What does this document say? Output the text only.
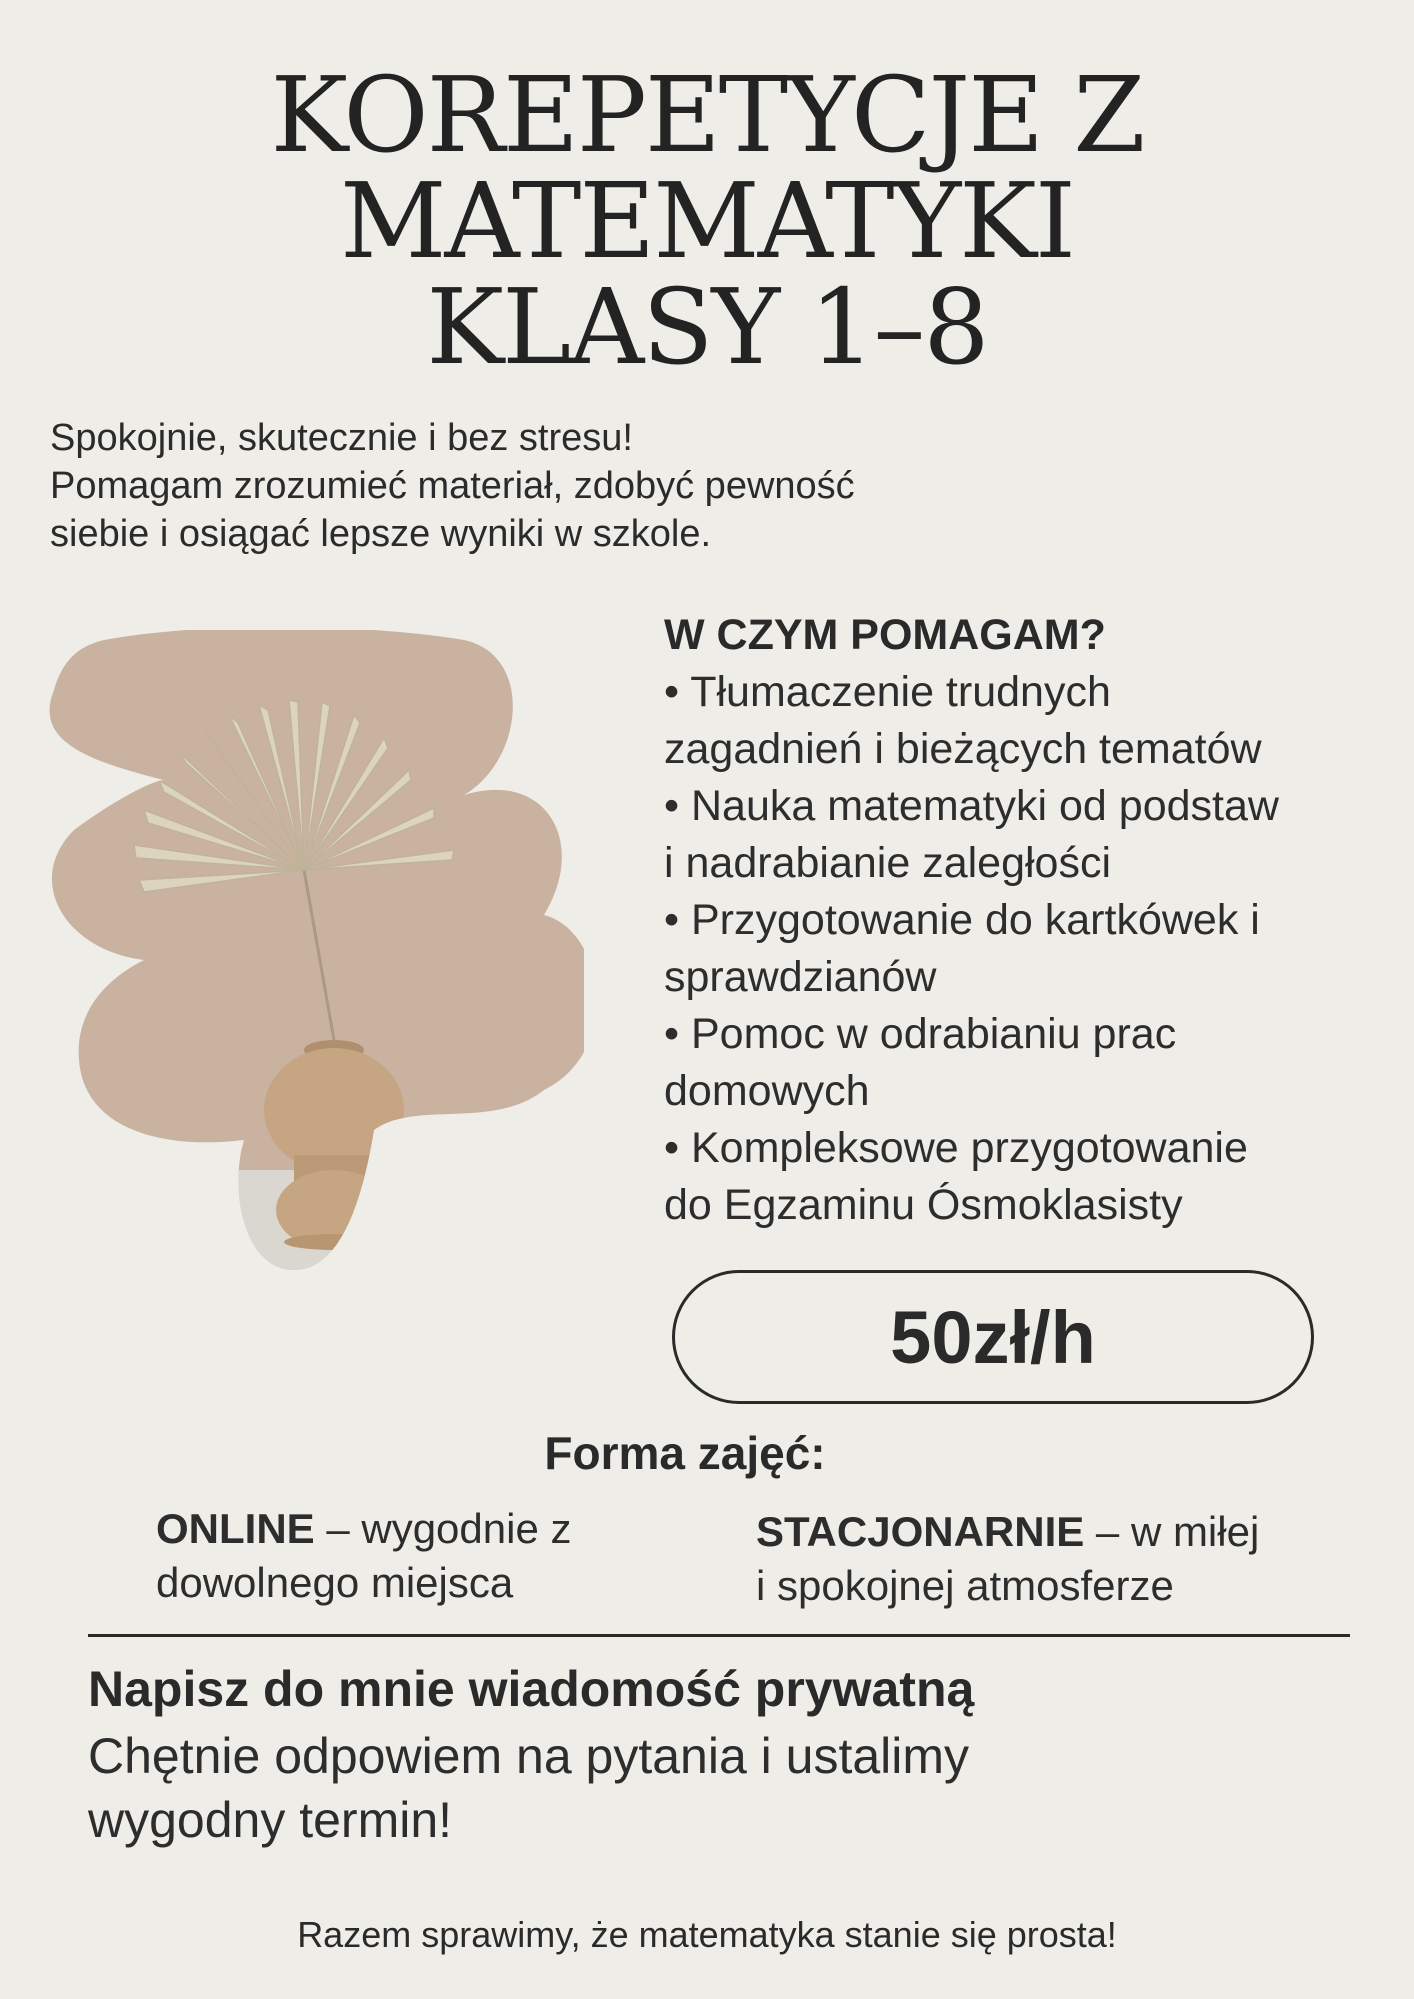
KOREPETYCJE Z
MATEMATYKI
KLASY 1–8
Spokojnie, skutecznie i bez stresu!
Pomagam zrozumieć materiał, zdobyć pewność
siebie i osiągać lepsze wyniki w szkole.
W CZYM POMAGAM?
• Tłumaczenie trudnych
zagadnień i bieżących tematów
• Nauka matematyki od podstaw
i nadrabianie zaległości
• Przygotowanie do kartkówek i
sprawdzianów
• Pomoc w odrabianiu prac
domowych
• Kompleksowe przygotowanie
do Egzaminu Ósmoklasisty
50zł/h
Forma zajęć:
ONLINE – wygodnie z
dowolnego miejsca
STACJONARNIE – w miłej
i spokojnej atmosferze
Napisz do mnie wiadomość prywatną
Chętnie odpowiem na pytania i ustalimy
wygodny termin!
Razem sprawimy, że matematyka stanie się prosta!
